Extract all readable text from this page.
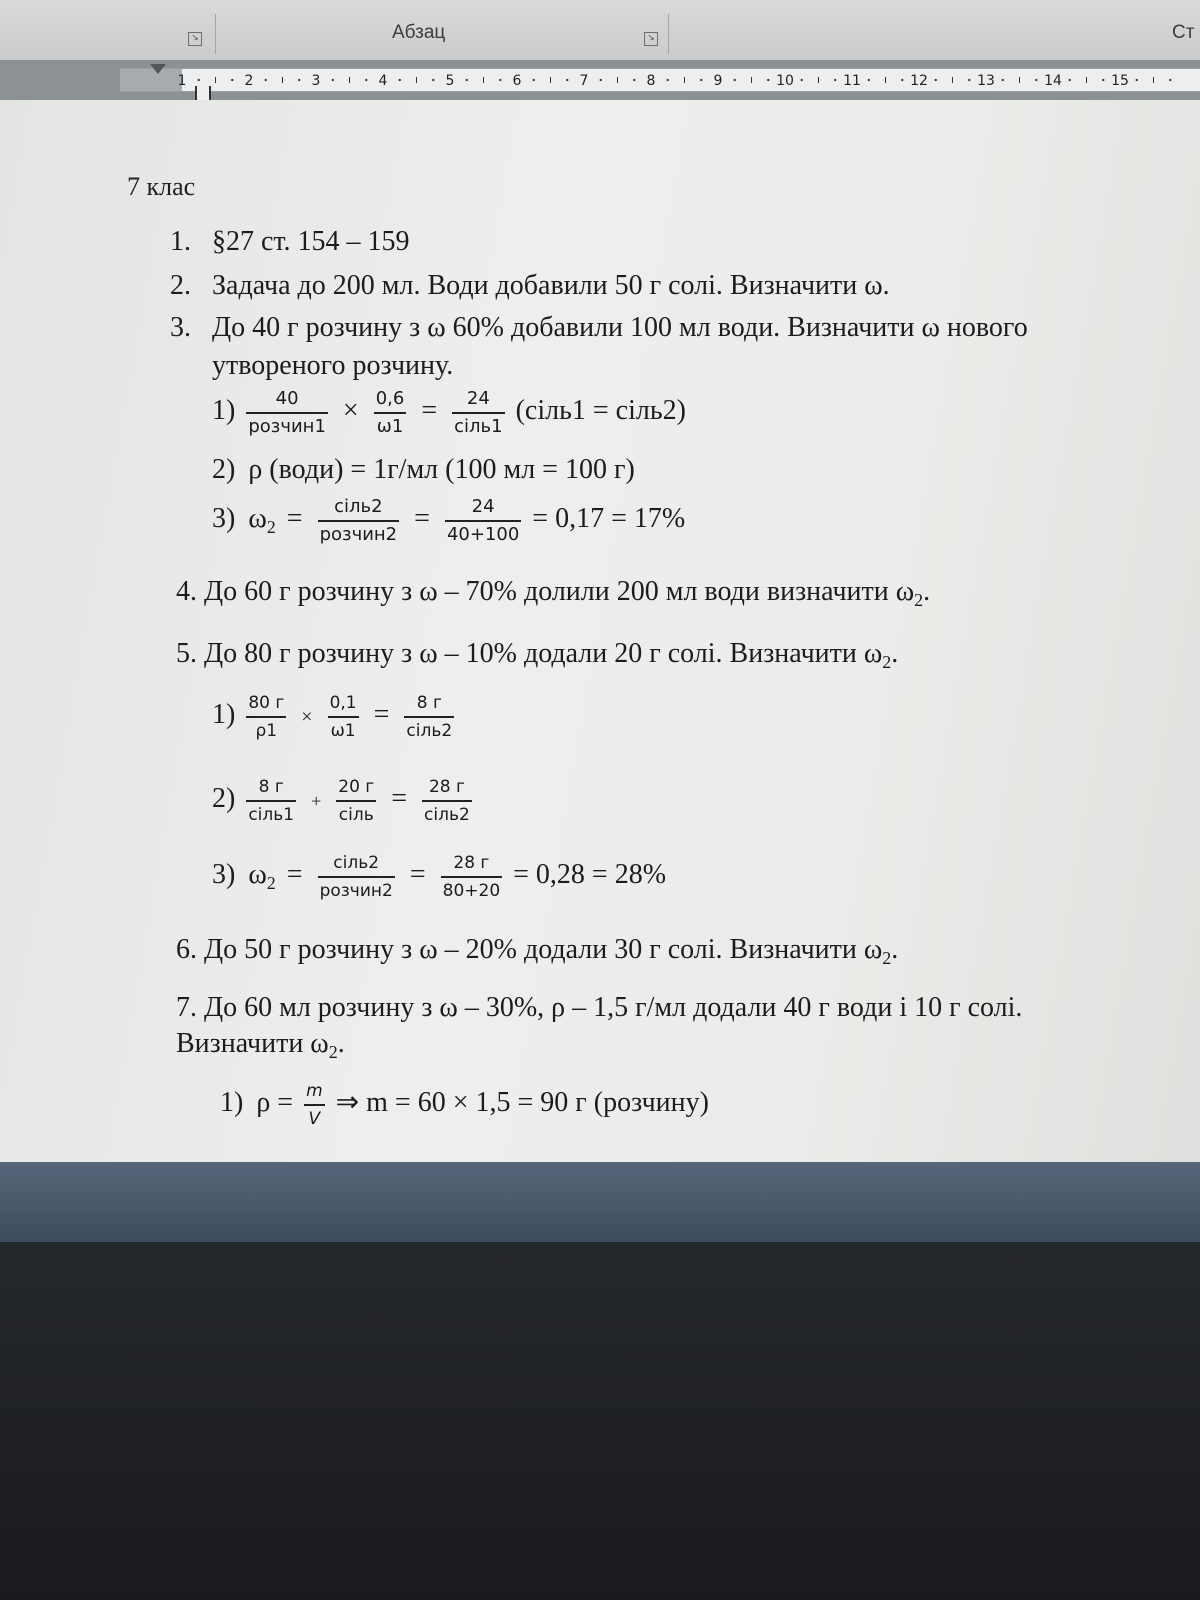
↘	Абзац	↘	Ст
1	2	3	4	5	6	7	8	9	10	11	12	13	14	15
7 клас
1. §27 ст. 154 – 159
2. Задача до 200 мл. Води добавили 50 г солі. Визначити ω.
3. До 40 г розчину з ω 60% добавили 100 мл води. Визначити ω нового
утвореного розчину.
$1) \frac{40}{\text{розчин1}} \times \frac{0,6}{\omega 1} = \frac{24}{\text{сіль1}}$ (сіль1 = сіль2)
2) ρ (води) = 1г/мл (100 мл = 100 г)
3) $\omega_2 = \frac{\text{сіль2}}{\text{розчин2}} = \frac{24}{40+100} = 0,17 = 17\%$
4. До 60 г розчину з ω – 70% долили 200 мл води визначити $\omega_2$.
5. До 80 г розчину з ω – 10% додали 20 г солі. Визначити $\omega_2$.
$1) \frac{80 г}{\rho 1} \times \frac{0,1}{\omega 1} = \frac{8 г}{\text{сіль2}}$
$2) \frac{8 г}{\text{сіль1}} + \frac{20 г}{\text{сіль}} = \frac{28 г}{\text{сіль2}}$
3) $\omega_2 = \frac{\text{сіль2}}{\text{розчин2}} = \frac{28 г}{80+20} = 0,28 = 28\%$
6. До 50 г розчину з ω – 20% додали 30 г солі. Визначити $\omega_2$.
7. До 60 мл розчину з ω – 30%, ρ – 1,5 г/мл додали 40 г води і 10 г солі.
Визначити $\omega_2$.
1) $\rho = \frac{m}{V}$ ⇒ m = 60 × 1,5 = 90 г (розчину)
